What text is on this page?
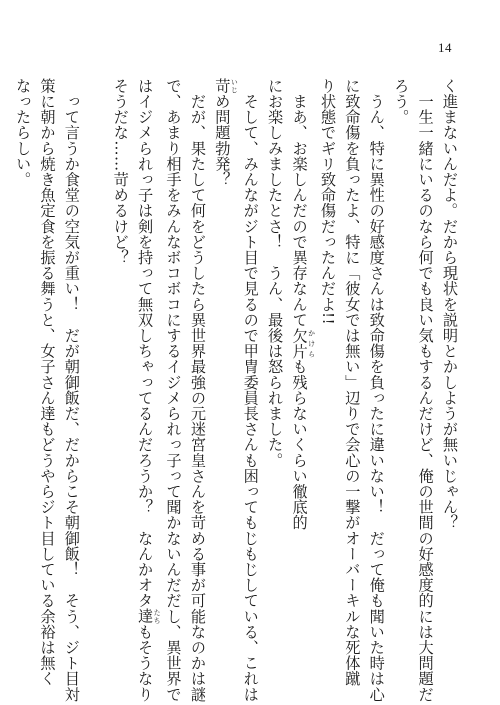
14
く進まないんだよ。だから現状を説明とかしようが無いじゃん？
　一生一緒にいるのなら何でも良い気もするんだけど、俺の世間の好感度的には大問題だ
ろう。
　うん、特に異性の好感度さんは致命傷を負ったに違いない！　だって俺も聞いた時は心
に致命傷を負ったよ、特に「彼女では無い」辺りで会心の一撃がオーバーキルな死体蹴
り状態でギリ致命傷だったんだよ!!
　まあ、お楽しんだので異存なんて欠片 かけらも残らないくらい徹底的
にお楽しみましたとさ！　うん、最後は怒られました。
　そして、みんながジト目で見るので甲冑委員長さんも困ってもじもじしている、これは
苛 いじめ問題勃発？
　だが、果たして何をどうしたら異世界最強の元迷宮皇さんを苛める事が可能なのかは謎
で、あまり相手をみんなボコボコにするイジメられっ子って聞かないんだだし、異世界で
はイジメられっ子は剣を持って無双しちゃってるんだろうか？　なんかオタ達 たちもそうなり
そうだな……苛めるけど？
　って言うか食堂の空気が重い！　だが朝御飯だ、だからこそ朝御飯！　そう、ジト目対
策に朝から焼き魚定食を振る舞うと、女子さん達もどうやらジト目している余裕は無く
なったらしい。
